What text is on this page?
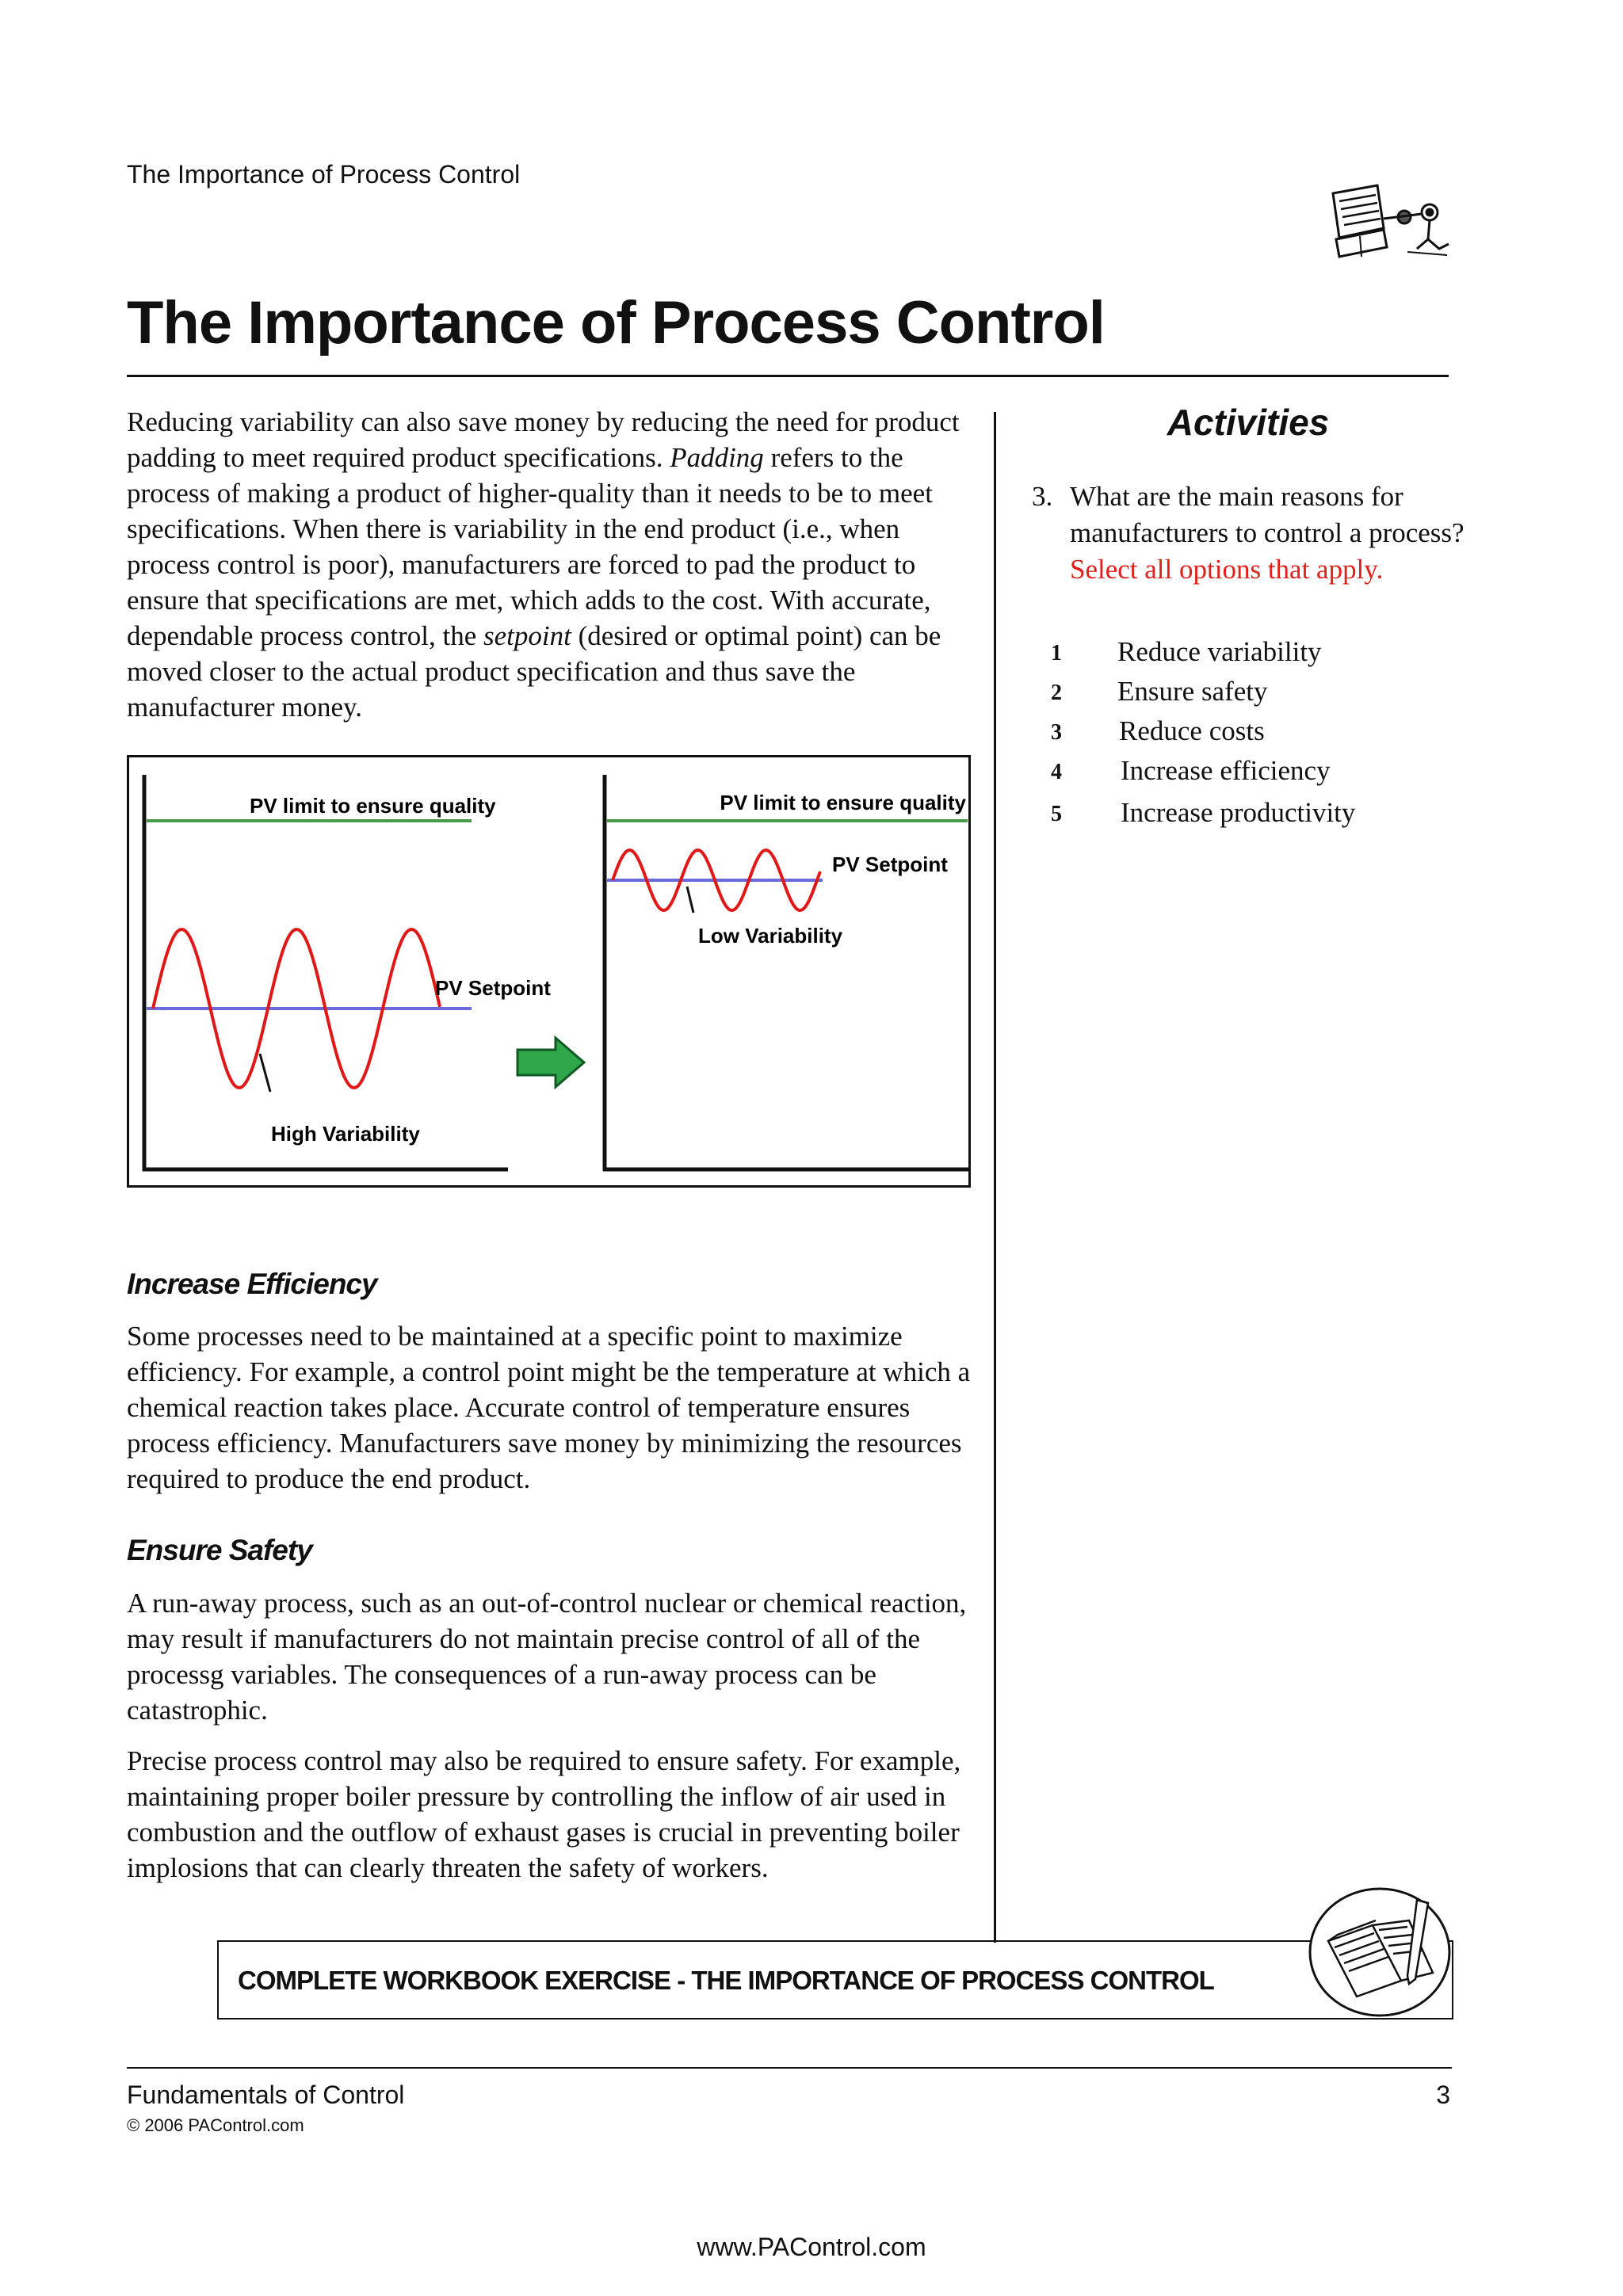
The Importance of Process Control
The Importance of Process Control

Reducing variability can also save money by reducing the need for product padding to meet required product specifications. Padding refers to the process of making a product of higher-quality than it needs to be to meet specifications. When there is variability in the end product (i.e., when process control is poor), manufacturers are forced to pad the product to ensure that specifications are met, which adds to the cost. With accurate, dependable process control, the setpoint (desired or optimal point) can be moved closer to the actual product specification and thus save the manufacturer money.

PV limit to ensure quality
PV Setpoint
High Variability
PV limit to ensure quality
PV Setpoint
Low Variability
Increase Efficiency

Some processes need to be maintained at a specific point to maximize efficiency. For example, a control point might be the temperature at which a chemical reaction takes place. Accurate control of temperature ensures process efficiency. Manufacturers save money by minimizing the resources required to produce the end product.

Ensure Safety

A run-away process, such as an out-of-control nuclear or chemical reaction, may result if manufacturers do not maintain precise control of all of the processg variables. The consequences of a run-away process can be catastrophic.

Precise process control may also be required to ensure safety. For example, maintaining proper boiler pressure by controlling the inflow of air used in combustion and the outflow of exhaust gases is crucial in preventing boiler implosions that can clearly threaten the safety of workers.

Activities
3. What are the main reasons for manufacturers to control a process?
Select all options that apply.
1 Reduce variability
2 Ensure safety
3 Reduce costs
4 Increase efficiency
5 Increase productivity
COMPLETE WORKBOOK EXERCISE - THE IMPORTANCE OF PROCESS CONTROL
Fundamentals of Control	3
© 2006 PAControl.com
www.PAControl.com
